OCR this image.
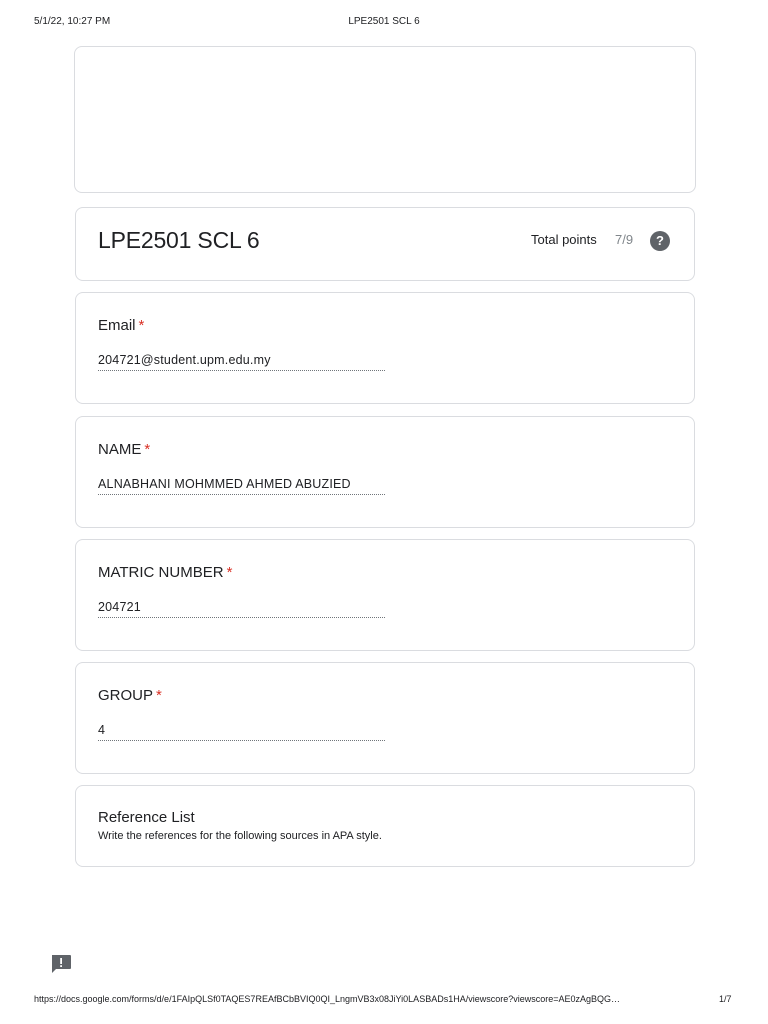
5/1/22, 10:27 PM	LPE2501 SCL 6
LPE2501 SCL 6	Total points 7/9	?
Email *
204721@student.upm.edu.my
NAME *
ALNABHANI MOHMMED AHMED ABUZIED
MATRIC NUMBER *
204721
GROUP *
4
Reference List
Write the references for the following sources in APA style.
https://docs.google.com/forms/d/e/1FAIpQLSf0TAQES7REAfBCbBVIQ0QI_LngmVB3x08JiYi0LASBADs1HA/viewscore?viewscore=AE0zAgBQG…	1/7
